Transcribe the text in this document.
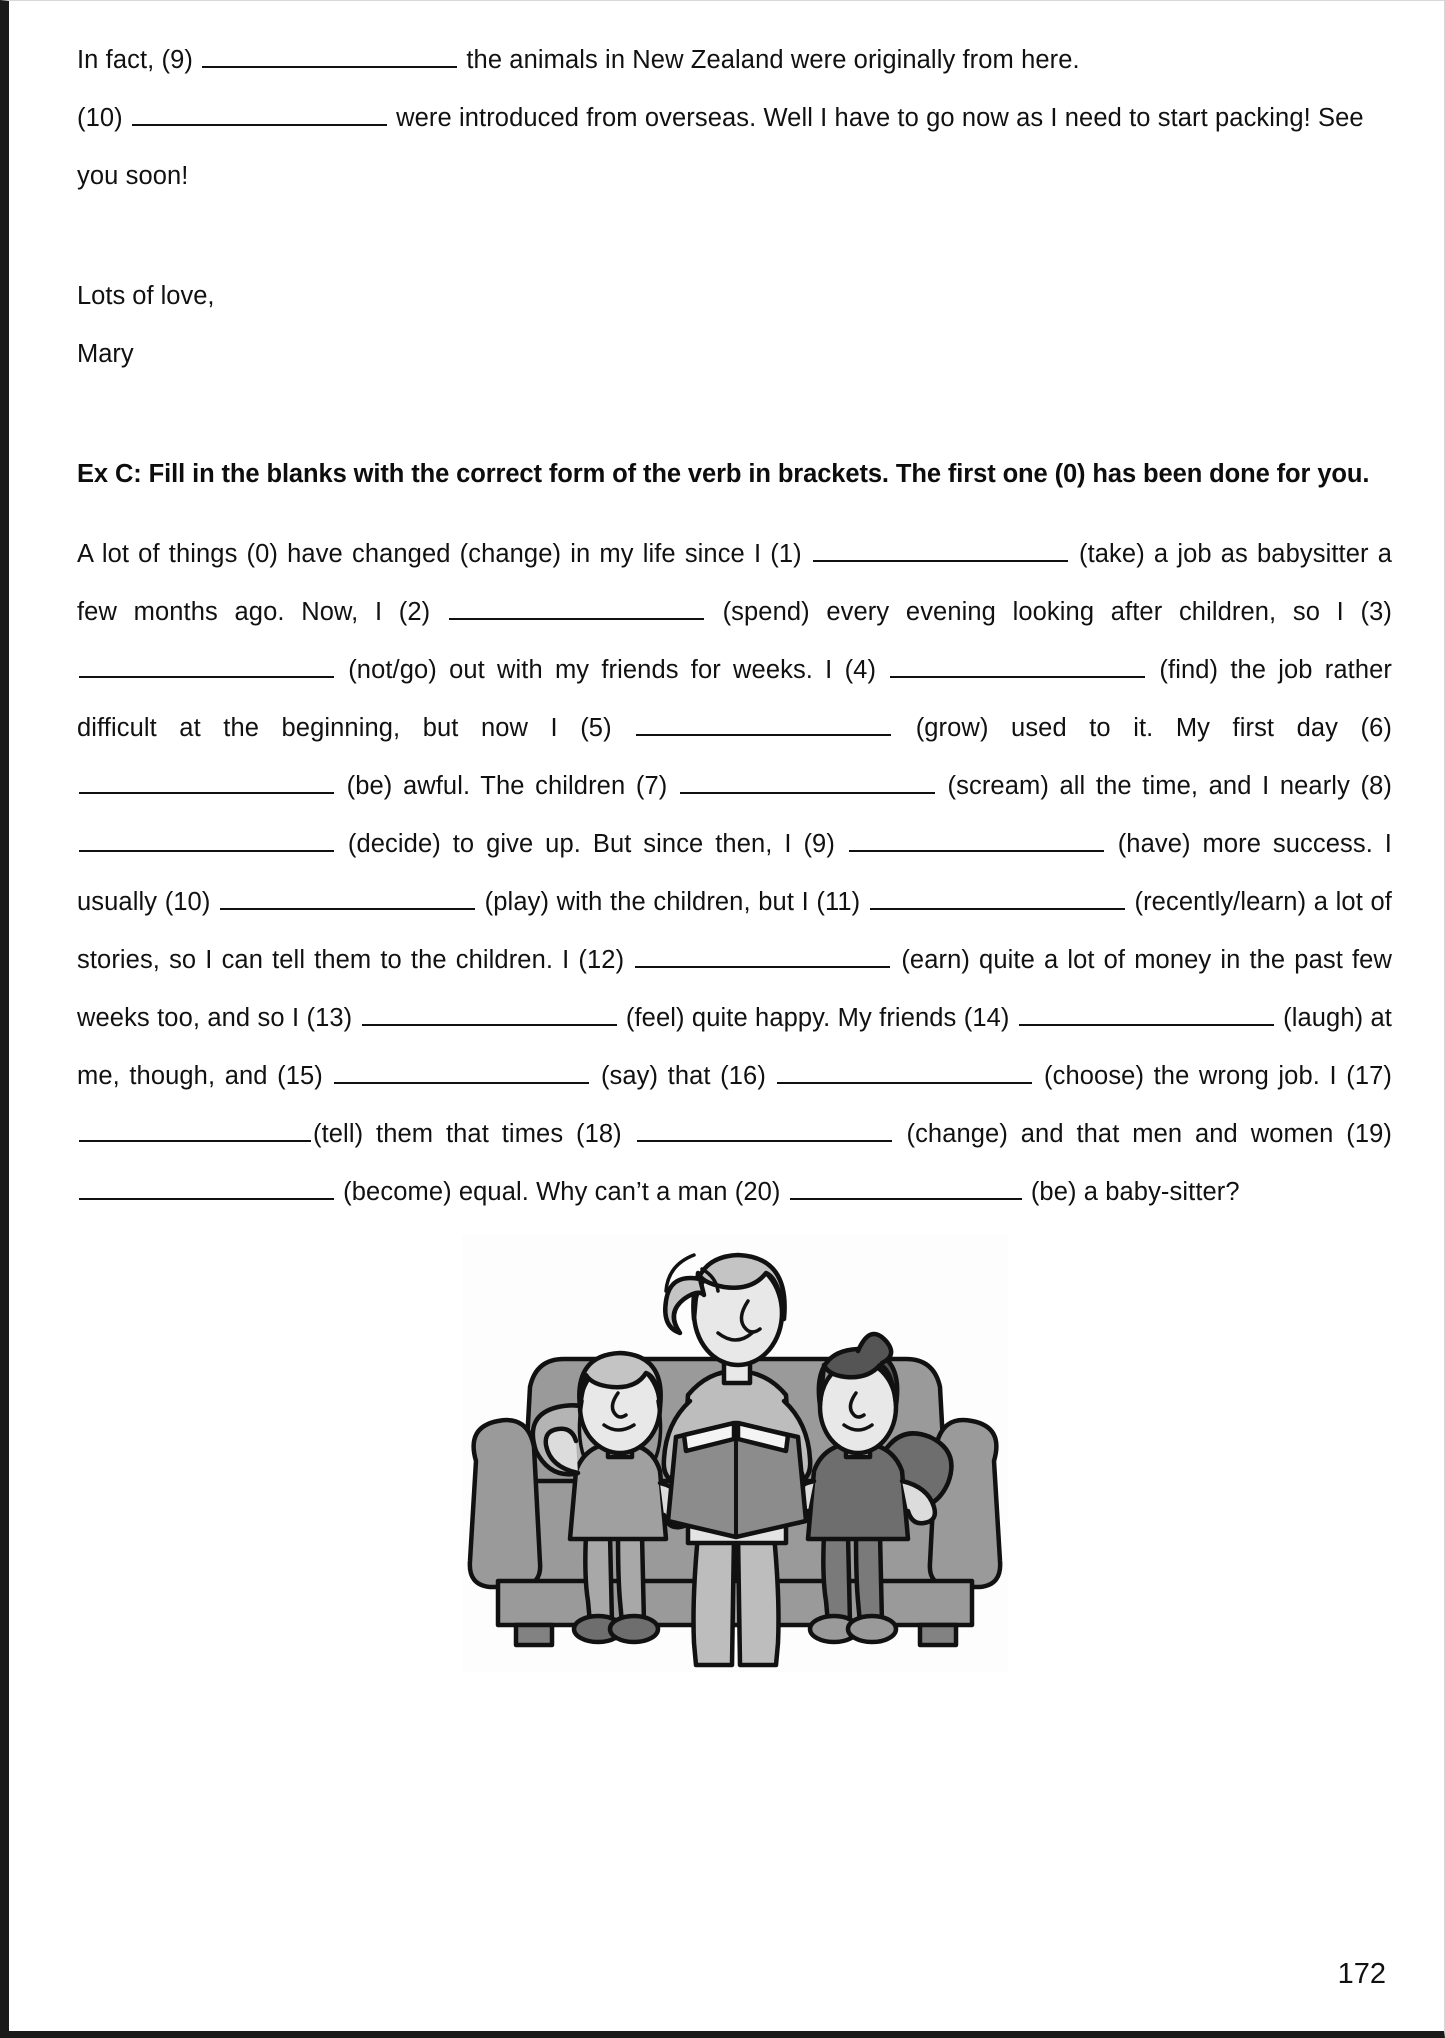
In fact, (9)	the animals in New Zealand were originally from here.
(10)	were introduced from overseas. Well I have to go now as I need to start packing! See you soon!
Lots of love,
Mary
Ex C: Fill in the blanks with the correct form of the verb in brackets. The first one (0) has been done for you.
A lot of things (0) have changed (change) in my life since I (1)	(take) a job as babysitter a few months ago. Now, I (2)	(spend) every evening looking after children, so I (3)  (not/go) out with my friends for weeks. I (4)	(find) the job rather difficult at the beginning, but now I (5)	(grow) used to it. My first day (6)  (be) awful. The children (7)	(scream) all the time, and I nearly (8)  (decide) to give up. But since then, I (9)	(have) more success. I usually (10)	(play) with the children, but I (11)	(recently/learn) a lot of stories, so I can tell them to the children. I (12)	(earn) quite a lot of money in the past few weeks too, and so I (13)	(feel) quite happy. My friends (14)	(laugh) at me, though, and (15)	(say) that (16)	(choose) the wrong job. I (17) (tell) them that times (18)	(change) and that men and women (19)  (become) equal. Why can’t a man (20)	(be) a baby-sitter?
172
